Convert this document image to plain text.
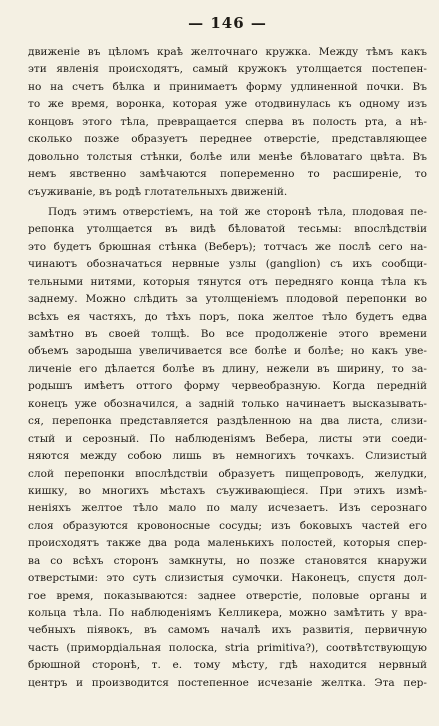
— 146 —
движеніе въ цѣломъ краѣ желточнаго кружка. Между тѣмъ какъ
эти явленія происходятъ, самый кружокъ утолщается постепен-
но на счетъ бѣлка и принимаетъ форму удлиненной почки. Въ
то же время, воронка, которая уже отодвинулась къ одному изъ
концовъ этого тѣла, превращается сперва въ полость рта, а нѣ-
сколько позже образуетъ переднее отверстіе, представляющее
довольно толстыя стѣнки, болѣе или менѣе бѣловатаго цвѣта. Въ
немъ явственно замѣчаются попеременно то расширеніе, то
съуживаніе, въ родѣ глотательныхъ движеній.
Подъ этимъ отверстіемъ, на той же сторонѣ тѣла, плодовая пе-
репонка утолщается въ видѣ бѣловатой тесьмы: впослѣдствіи
это будетъ брюшная стѣнка (Веберъ); тотчасъ же послѣ сего на-
чинаютъ обозначаться нервные узлы (ganglion) съ ихъ сообщи-
тельными нитями, которыя тянутся отъ передняго конца тѣла къ
заднему. Можно слѣдить за утолщеніемъ плодовой перепонки во
всѣхъ ея частяхъ, до тѣхъ поръ, пока желтое тѣло будетъ едва
замѣтно въ своей толщѣ. Во все продолженіе этого времени
объемъ зародыша увеличивается все болѣе и болѣе; но какъ уве-
личеніе его дѣлается болѣе въ длину, нежели въ ширину, то за-
родышъ имѣетъ оттого форму червеобразную. Когда передній
конецъ уже обозначился, а задній только начинаетъ высказывать-
ся, перепонка представляется раздѣленною на два листа, слизи-
стый и серозный. По наблюденіямъ Вебера, листы эти соеди-
няются между собою лишь въ немногихъ точкахъ. Слизистый
слой перепонки впослѣдствіи образуетъ пищепроводъ, желудки,
кишку, во многихъ мѣстахъ съуживающіеся. При этихъ измѣ-
неніяхъ желтое тѣло мало по малу исчезаетъ. Изъ серознаго
слоя образуются кровоносные сосуды; изъ боковыхъ частей его
происходятъ также два рода маленькихъ полостей, которыя спер-
ва со всѣхъ сторонъ замкнуты, но позже становятся кнаружи
отверстыми: это суть слизистыя сумочки. Наконецъ, спустя дол-
гое время, показываются: заднее отверстіе, половые органы и
кольца тѣла. По наблюденіямъ Келликера, можно замѣтить у вра-
чебныхъ піявокъ, въ самомъ началѣ ихъ развитія, первичную
часть (примордіальная полоска, stria primitiva?), соотвѣтствующую
брюшной сторонѣ, т. е. тому мѣсту, гдѣ находится нервный
центръ и производится постепенное исчезаніе желтка. Эта пер-
